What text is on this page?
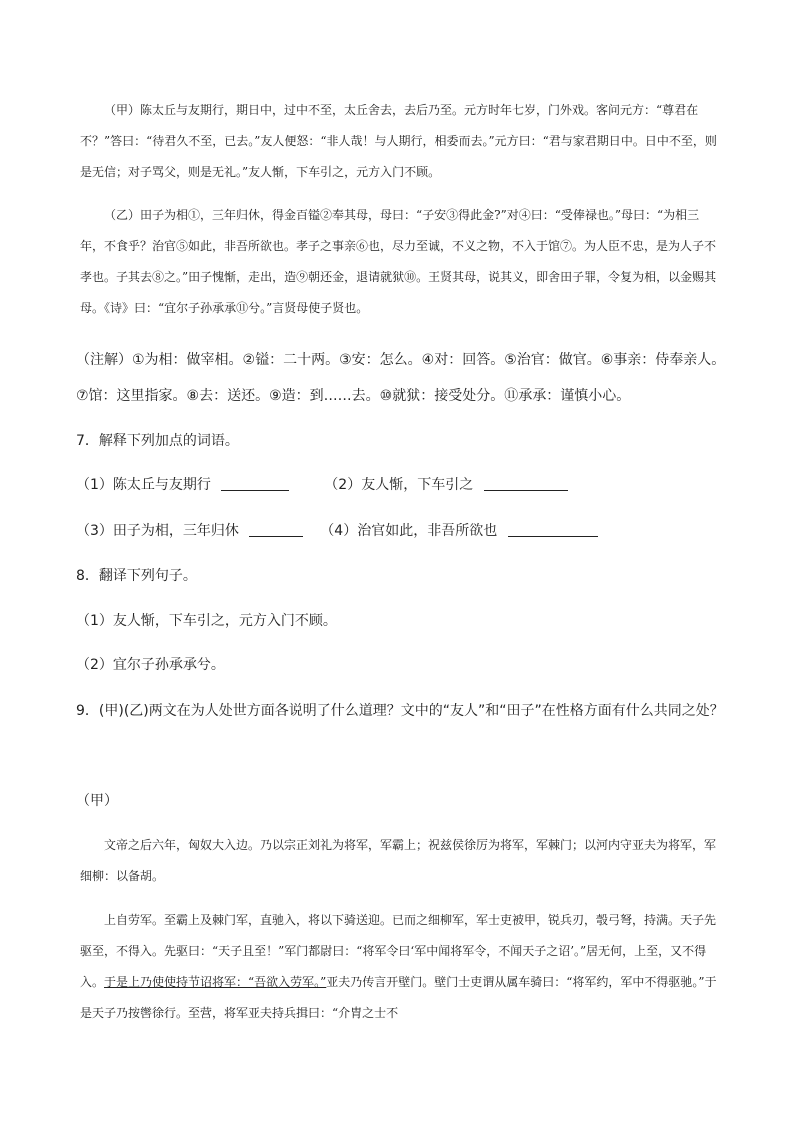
（甲）陈太丘与友期行，期日中，过中不至，太丘舍去，去后乃至。元方时年七岁，门外戏。客问元方：“尊君在不？”答曰：“待君久不至，已去。”友人便怒：“非人哉！与人期行，相委而去。”元方曰：“君与家君期日中。日中不至，则是无信；对子骂父，则是无礼。”友人惭，下车引之，元方入门不顾。
（乙）田子为相①，三年归休，得金百镒②奉其母，母曰：“子安③得此金?”对④曰：“受俸禄也。”母曰：“为相三年，不食乎？治官⑤如此，非吾所欲也。孝子之事亲⑥也，尽力至诚，不义之物，不入于馆⑦。为人臣不忠，是为人子不孝也。子其去⑧之。”田子愧惭，走出，造⑨朝还金，退请就狱⑩。王贤其母，说其义，即舍田子罪，令复为相，以金赐其母。《诗》曰：“宜尔子孙承承⑪兮。”言贤母使子贤也。
（注解）①为相：做宰相。②镒：二十两。③安：怎么。④对：回答。⑤治官：做官。⑥事亲：侍奉亲人。⑦馆：这里指家。⑧去：送还。⑨造：到……去。⑩就狱：接受处分。⑪承承：谨慎小心。
7．解释下列加点的词语。
（1）陈太丘与友期行	（2）友人惭，下车引之
（3）田子为相，三年归休	（4）治官如此，非吾所欲也
8．翻译下列句子。
（1）友人惭，下车引之，元方入门不顾。
（2）宜尔子孙承承兮。
9．(甲)(乙)两文在为人处世方面各说明了什么道理？文中的“友人”和“田子”在性格方面有什么共同之处？
（甲）
文帝之后六年，匈奴大入边。乃以宗正刘礼为将军，军霸上；祝兹侯徐厉为将军，军棘门；以河内守亚夫为将军，军细柳：以备胡。
上自劳军。至霸上及棘门军，直驰入，将以下骑送迎。已而之细柳军，军士吏被甲，锐兵刃，彀弓弩，持满。天子先驱至，不得入。先驱曰：“天子且至！”军门都尉曰：“将军令曰‘军中闻将军令，不闻天子之诏’。”居无何，上至，又不得入。于是上乃使使持节诏将军：“吾欲入劳军。”亚夫乃传言开壁门。壁门士吏谓从属车骑曰：“将军约，军中不得驱驰。”于是天子乃按辔徐行。至营，将军亚夫持兵揖曰：“介胄之士不
